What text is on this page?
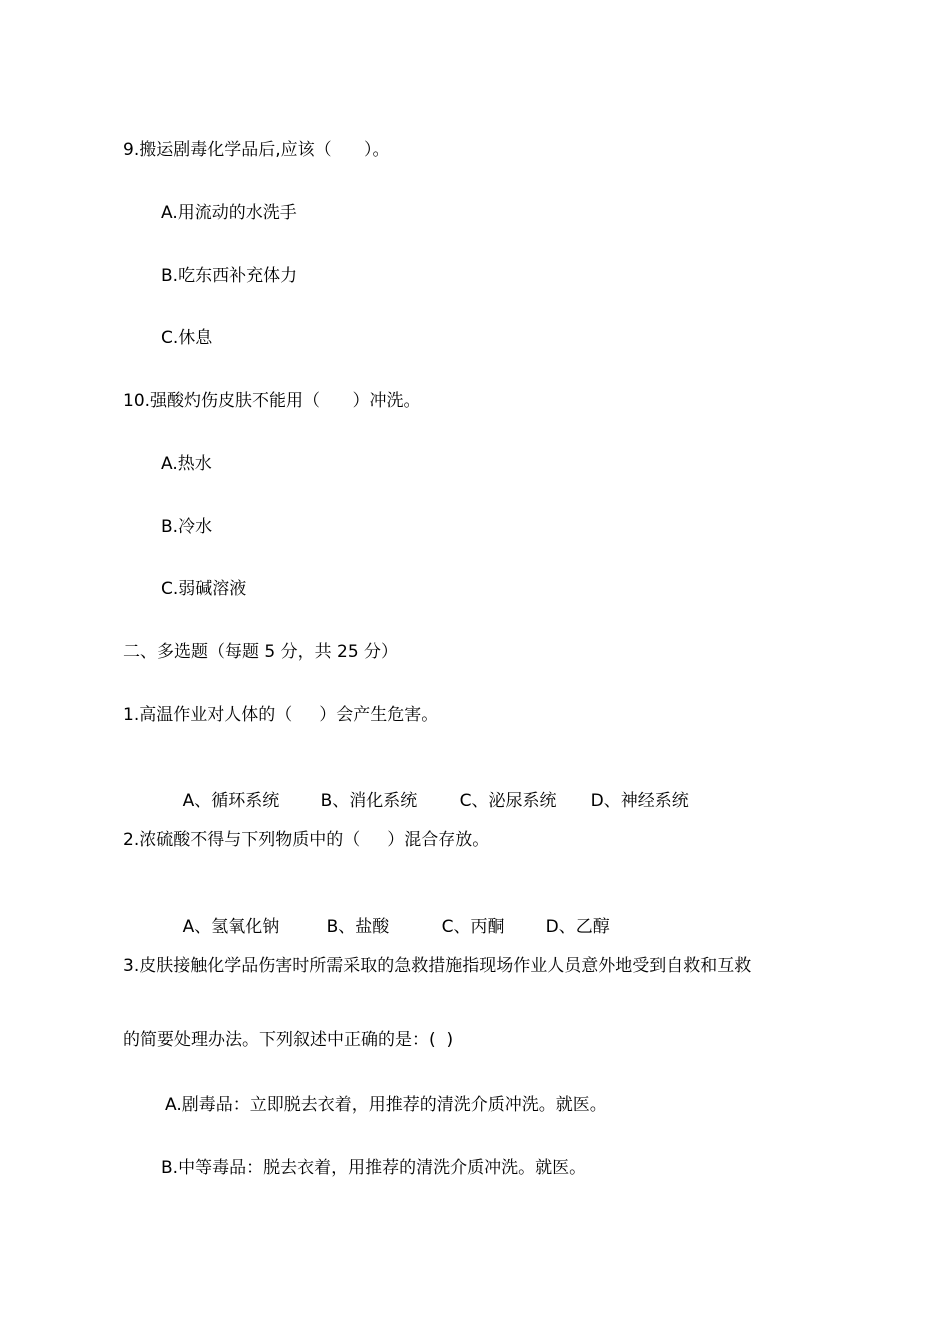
9.搬运剧毒化学品后,应该（      ）。
A.用流动的水洗手
B.吃东西补充体力
C.休息
10.强酸灼伤皮肤不能用（      ）冲洗。
A.热水
B.冷水
C.弱碱溶液
二、多选题（每题 5 分，共 25 分）
1.高温作业对人体的（     ）会产生危害。

A、循环系统 B、消化系统 C、泌尿系统 D、神经系统

2.浓硫酸不得与下列物质中的（     ）混合存放。

A、氢氧化钠	B、盐酸	C、丙酮 D、乙醇

3.皮肤接触化学品伤害时所需采取的急救措施指现场作业人员意外地受到自救和互救
的简要处理办法。下列叙述中正确的是：(  )
A.剧毒品：立即脱去衣着，用推荐的清洗介质冲洗。就医。
B.中等毒品：脱去衣着，用推荐的清洗介质冲洗。就医。
